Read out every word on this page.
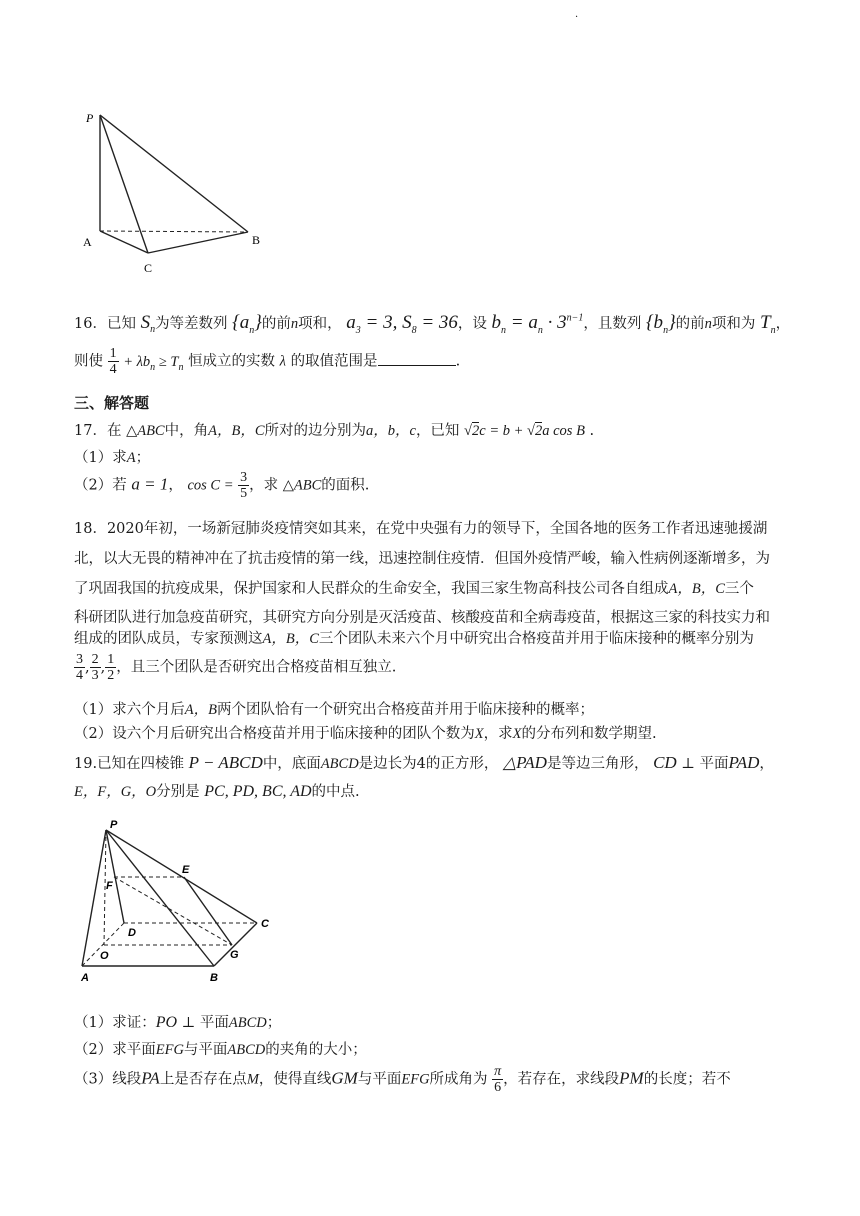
·
P
A	B
C
16．已知 $S_n$为等差数列 $\{a_n\}$的前n项和， $a_3 = 3$, $S_8 = 36$，设 $b_n = a_n \cdot 3^{n-1}$，且数列 $\{b_n\}$的前n项和为 $T_n$，
则使 $\frac{1}{4} + \lambda b_n \ge T_n$ 恒成立的实数 λ 的取值范围是	.
三、解答题
17．在 △ABC中，角A，B，C所对的边分别为a，b，c，已知 √2c = b + √2a cos B .
（1）求A；
（2）若 a = 1， $\cos C = \frac{3}{5}$ ，求 △ABC的面积.
18．2020年初，一场新冠肺炎疫情突如其来，在党中央强有力的领导下，全国各地的医务工作者迅速驰援湖
北，以大无畏的精神冲在了抗击疫情的第一线，迅速控制住疫情．但国外疫情严峻，输入性病例逐渐增多，为
了巩固我国的抗疫成果，保护国家和人民群众的生命安全，我国三家生物高科技公司各自组成A，B，C三个
科研团队进行加急疫苗研究，其研究方向分别是灭活疫苗、核酸疫苗和全病毒疫苗，根据这三家的科技实力和
组成的团队成员，专家预测这A，B，C三个团队未来六个月中研究出合格疫苗并用于临床接种的概率分别为
$\frac{3}{4}$ , $\frac{2}{3}$ , $\frac{1}{2}$ ，且三个团队是否研究出合格疫苗相互独立.
（1）求六个月后A，B两个团队恰有一个研究出合格疫苗并用于临床接种的概率；
（2）设六个月后研究出合格疫苗并用于临床接种的团队个数为X，求X的分布列和数学期望.
19.已知在四棱锥 P − ABCD中，底面ABCD是边长为4的正方形， △PAD是等边三角形， CD ⊥ 平面PAD，
E，F，G，O分别是 PC, PD, BC, AD的中点.
P
E
F
C
D
O	G
A	B
（1）求证：PO ⊥ 平面ABCD；
（2）求平面EFG与平面ABCD的夹角的大小；
（3）线段PA上是否存在点M，使得直线GM与平面EFG所成角为 $\frac{\pi}{6}$ ，若存在，求线段PM的长度；若不
